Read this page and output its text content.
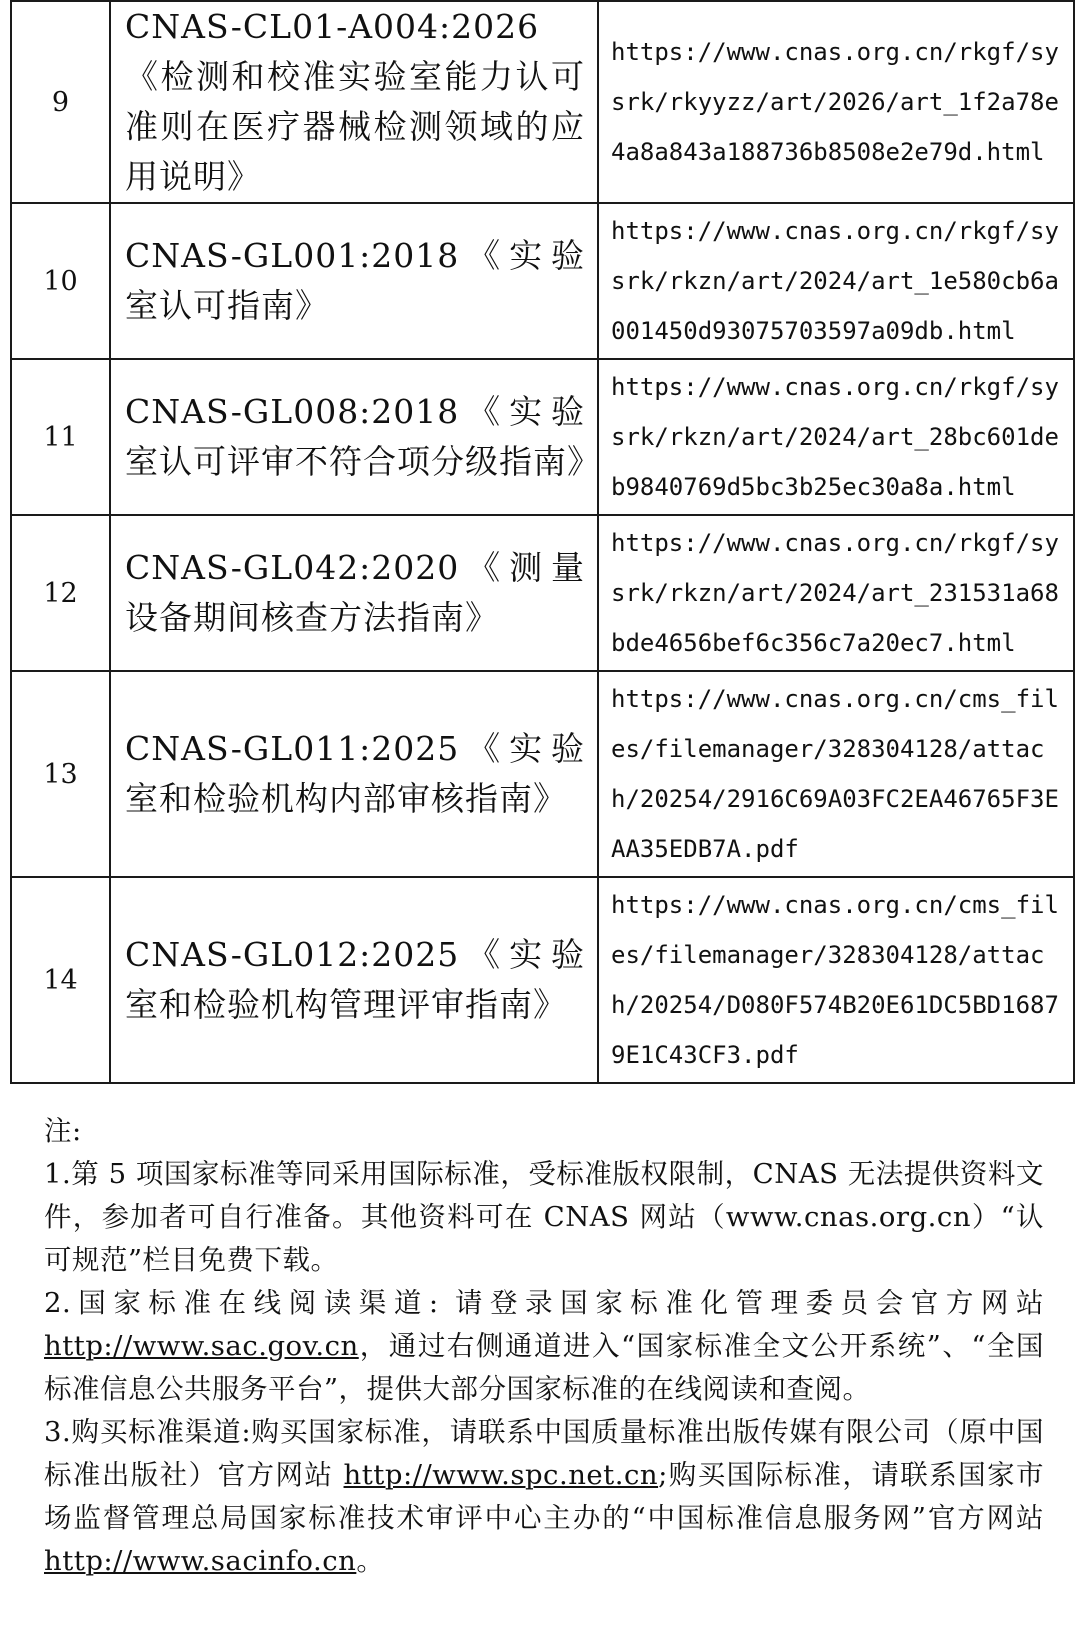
9	CNAS-CL01-A004:2026《检测和校准实验室能力认可准则在医疗器械检测领域的应用说明》	https://www.cnas.org.cn/rkgf/sysrk/rkyyzz/art/2026/art_1f2a78e4a8a843a188736b8508e2e79d.html
10	CNAS-GL001:2018《实验室认可指南》	https://www.cnas.org.cn/rkgf/sysrk/rkzn/art/2024/art_1e580cb6a001450d93075703597a09db.html
11	CNAS-GL008:2018《实验室认可评审不符合项分级指南》	https://www.cnas.org.cn/rkgf/sysrk/rkzn/art/2024/art_28bc601deb9840769d5bc3b25ec30a8a.html
12	CNAS-GL042:2020《测量设备期间核查方法指南》	https://www.cnas.org.cn/rkgf/sysrk/rkzn/art/2024/art_231531a68bde4656bef6c356c7a20ec7.html
13	CNAS-GL011:2025《实验室和检验机构内部审核指南》	https://www.cnas.org.cn/cms_files/filemanager/328304128/attach/20254/2916C69A03FC2EA46765F3EAA35EDB7A.pdf
14	CNAS-GL012:2025《实验室和检验机构管理评审指南》	https://www.cnas.org.cn/cms_files/filemanager/328304128/attach/20254/D080F574B20E61DC5BD16879E1C43CF3.pdf

注:

1.第 5 项国家标准等同采用国际标准，受标准版权限制，CNAS 无法提供资料文件，参加者可自行准备。其他资料可在 CNAS 网站（www.cnas.org.cn）“认可规范”栏目免费下载。

2.国家标准在线阅读渠道: 请登录国家标准化管理委员会官方网站http://www.sac.gov.cn，通过右侧通道进入“国家标准全文公开系统”、“全国标准信息公共服务平台”，提供大部分国家标准的在线阅读和查阅。

3.购买标准渠道:购买国家标准，请联系中国质量标准出版传媒有限公司（原中国标准出版社）官方网站 http://www.spc.net.cn;购买国际标准，请联系国家市场监督管理总局国家标准技术审评中心主办的“中国标准信息服务网”官方网站 http://www.sacinfo.cn。
